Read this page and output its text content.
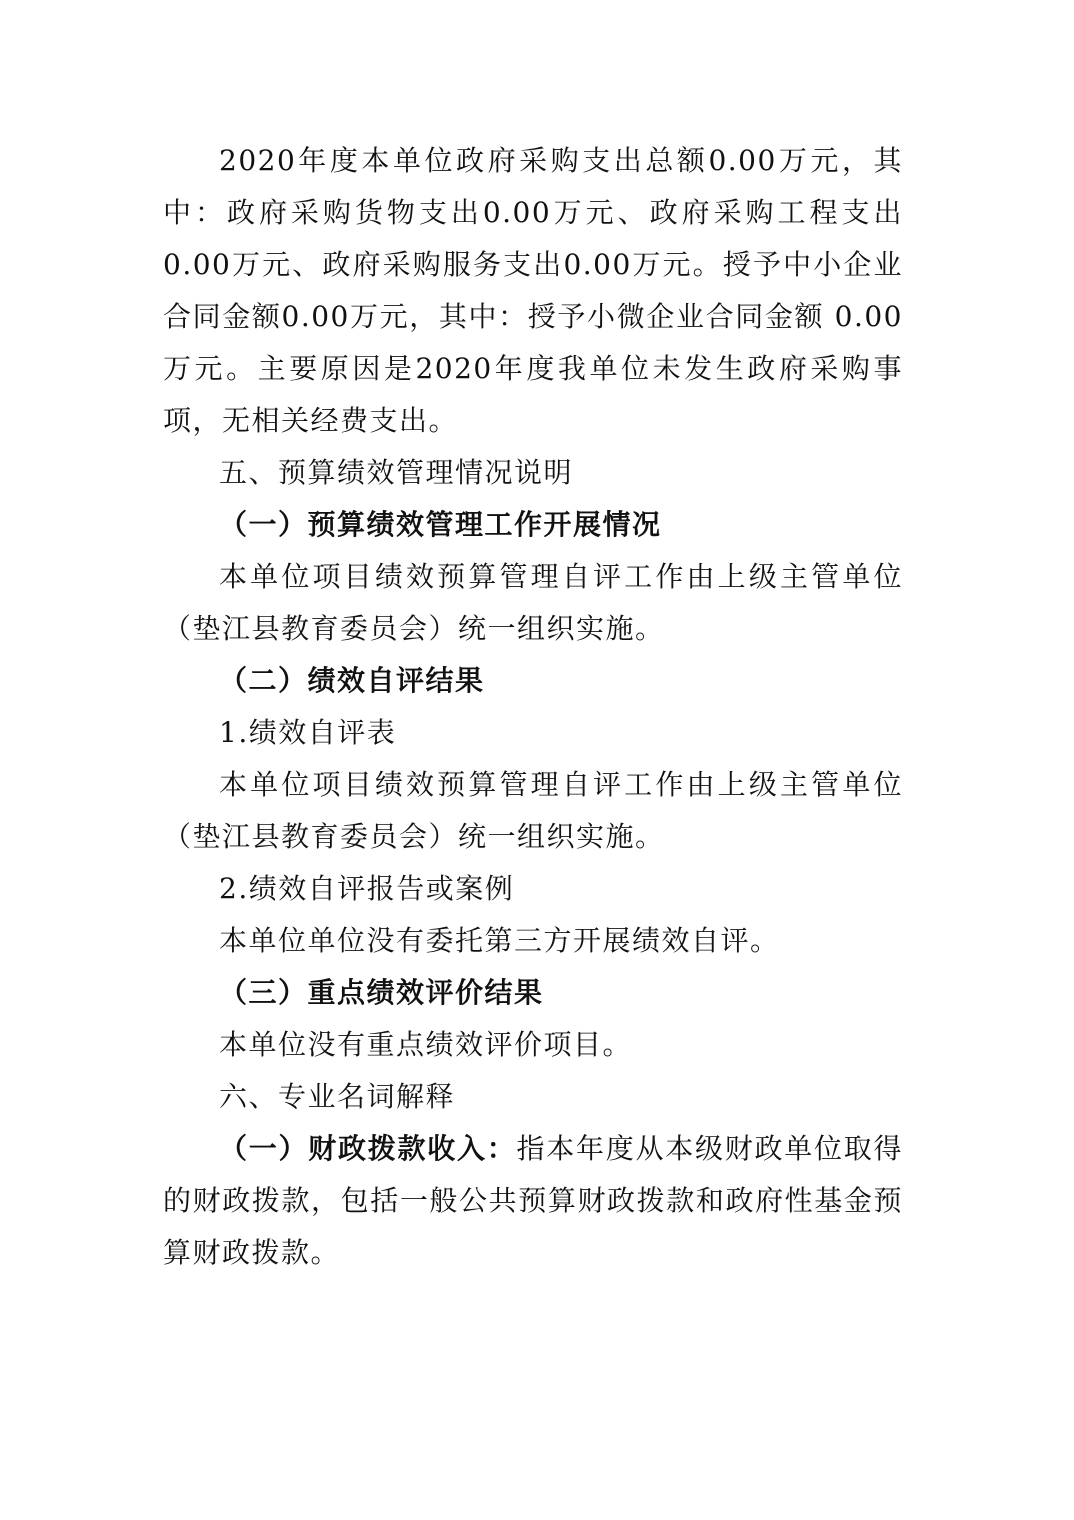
2020年度本单位政府采购支出总额0.00万元，其中：政府采购货物支出0.00万元、政府采购工程支出0.00万元、政府采购服务支出0.00万元。授予中小企业合同金额0.00万元，其中：授予小微企业合同金额 0.00万元。主要原因是2020年度我单位未发生政府采购事项，无相关经费支出。

五、预算绩效管理情况说明

（一）预算绩效管理工作开展情况

本单位项目绩效预算管理自评工作由上级主管单位（垫江县教育委员会）统一组织实施。

（二）绩效自评结果

1.绩效自评表

本单位项目绩效预算管理自评工作由上级主管单位（垫江县教育委员会）统一组织实施。

2.绩效自评报告或案例

本单位单位没有委托第三方开展绩效自评。

（三）重点绩效评价结果

本单位没有重点绩效评价项目。

六、专业名词解释

（一）财政拨款收入：指本年度从本级财政单位取得的财政拨款，包括一般公共预算财政拨款和政府性基金预算财政拨款。
